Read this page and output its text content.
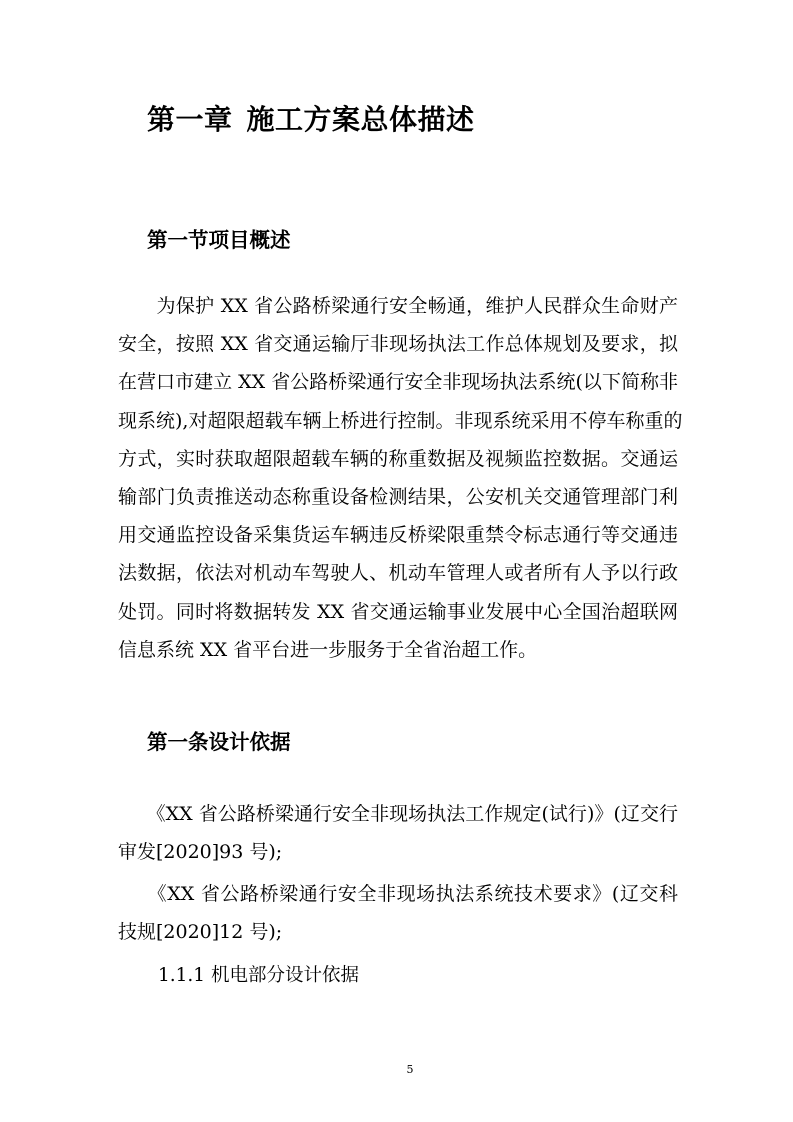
第一章 施工方案总体描述
第一节项目概述
　　为保护 XX 省公路桥梁通行安全畅通，维护人民群众生命财产
安全，按照 XX 省交通运输厅非现场执法工作总体规划及要求，拟
在营口市建立 XX 省公路桥梁通行安全非现场执法系统(以下简称非
现系统),对超限超载车辆上桥进行控制。非现系统采用不停车称重的
方式，实时获取超限超载车辆的称重数据及视频监控数据。交通运
输部门负责推送动态称重设备检测结果，公安机关交通管理部门利
用交通监控设备采集货运车辆违反桥梁限重禁令标志通行等交通违
法数据，依法对机动车驾驶人、机动车管理人或者所有人予以行政
处罚。同时将数据转发 XX 省交通运输事业发展中心全国治超联网
信息系统 XX 省平台进一步服务于全省治超工作。
第一条设计依据
　　《XX 省公路桥梁通行安全非现场执法工作规定(试行)》(辽交行
审发[2020]93 号);
　　《XX 省公路桥梁通行安全非现场执法系统技术要求》(辽交科
技规[2020]12 号);
1.1.1 机电部分设计依据
5
